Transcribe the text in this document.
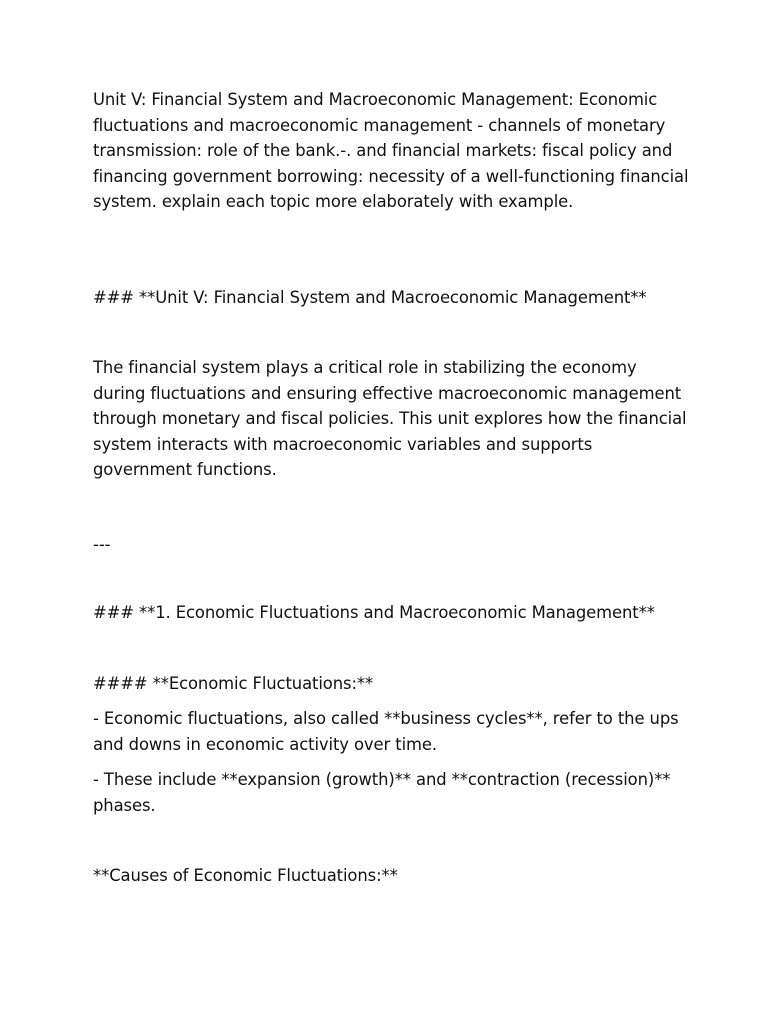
Unit V: Financial System and Macroeconomic Management: Economic fluctuations and macroeconomic management - channels of monetary transmission: role of the bank.-. and financial markets: fiscal policy and financing government borrowing: necessity of a well-functioning financial system. explain each topic more elaborately with example.

### **Unit V: Financial System and Macroeconomic Management**

The financial system plays a critical role in stabilizing the economy during fluctuations and ensuring effective macroeconomic management through monetary and fiscal policies. This unit explores how the financial system interacts with macroeconomic variables and supports government functions.

---

### **1. Economic Fluctuations and Macroeconomic Management**

#### **Economic Fluctuations:**

- Economic fluctuations, also called **business cycles**, refer to the ups and downs in economic activity over time.

- These include **expansion (growth)** and **contraction (recession)** phases.

**Causes of Economic Fluctuations:**
